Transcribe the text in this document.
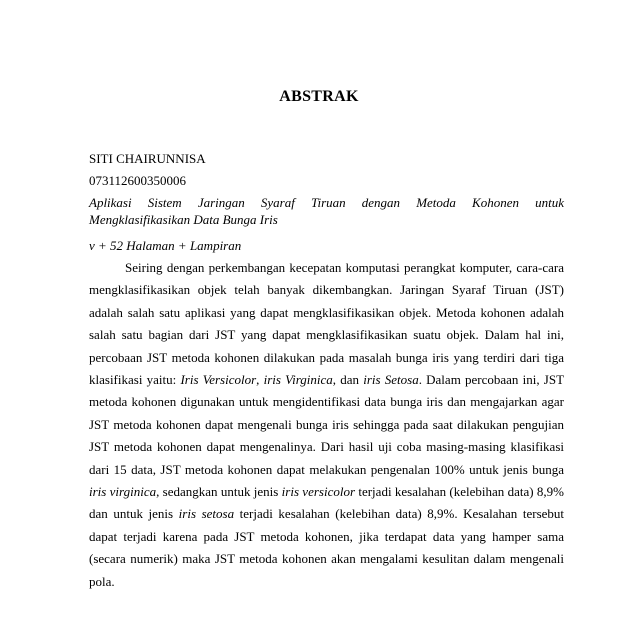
ABSTRAK
SITI CHAIRUNNISA
073112600350006
Aplikasi Sistem Jaringan Syaraf Tiruan dengan Metoda Kohonen untuk Mengklasifikasikan Data Bunga Iris
v + 52 Halaman + Lampiran
Seiring dengan perkembangan kecepatan komputasi perangkat komputer, cara-cara mengklasifikasikan objek telah banyak dikembangkan. Jaringan Syaraf Tiruan (JST) adalah salah satu aplikasi yang dapat mengklasifikasikan objek. Metoda kohonen adalah salah satu bagian dari JST yang dapat mengklasifikasikan suatu objek. Dalam hal ini, percobaan JST metoda kohonen dilakukan pada masalah bunga iris yang terdiri dari tiga klasifikasi yaitu: Iris Versicolor, iris Virginica, dan iris Setosa. Dalam percobaan ini, JST metoda kohonen digunakan untuk mengidentifikasi data bunga iris dan mengajarkan agar JST metoda kohonen dapat mengenali bunga iris sehingga pada saat dilakukan pengujian JST metoda kohonen dapat mengenalinya. Dari hasil uji coba masing-masing klasifikasi dari 15 data, JST metoda kohonen dapat melakukan pengenalan 100% untuk jenis bunga iris virginica, sedangkan untuk jenis iris versicolor terjadi kesalahan (kelebihan data) 8,9% dan untuk jenis iris setosa terjadi kesalahan (kelebihan data) 8,9%. Kesalahan tersebut dapat terjadi karena pada JST metoda kohonen, jika terdapat data yang hamper sama (secara numerik) maka JST metoda kohonen akan mengalami kesulitan dalam mengenali pola.
